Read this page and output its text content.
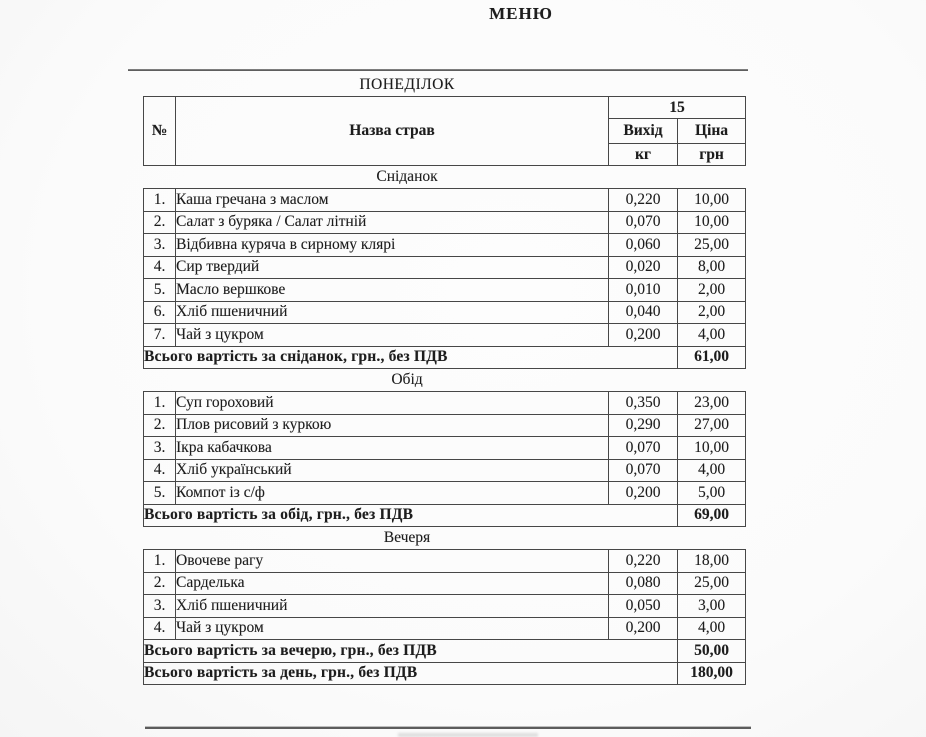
МЕНЮ
ПОНЕДІЛОК
№	Назва страв	15	
		Вихід	Ціна
		кг	грн
Сніданок
1.	Каша гречана з маслом	0,220	10,00
2.	Салат з буряка / Салат літній	0,070	10,00
3.	Відбивна куряча в сирному клярі	0,060	25,00
4.	Сир твердий	0,020	8,00
5.	Масло вершкове	0,010	2,00
6.	Хліб пшеничний	0,040	2,00
7.	Чай з цукром	0,200	4,00
Всього вартість за сніданок, грн., без ПДВ			61,00
Обід
1.	Суп гороховий	0,350	23,00
2.	Плов рисовий з куркою	0,290	27,00
3.	Ікра кабачкова	0,070	10,00
4.	Хліб український	0,070	4,00
5.	Компот із с/ф	0,200	5,00
Всього вартість за обід, грн., без ПДВ			69,00
Вечеря
1.	Овочеве рагу	0,220	18,00
2.	Сарделька	0,080	25,00
3.	Хліб пшеничний	0,050	3,00
4.	Чай з цукром	0,200	4,00
Всього вартість за вечерю, грн., без ПДВ			50,00
Всього вартість за день, грн., без ПДВ			180,00
